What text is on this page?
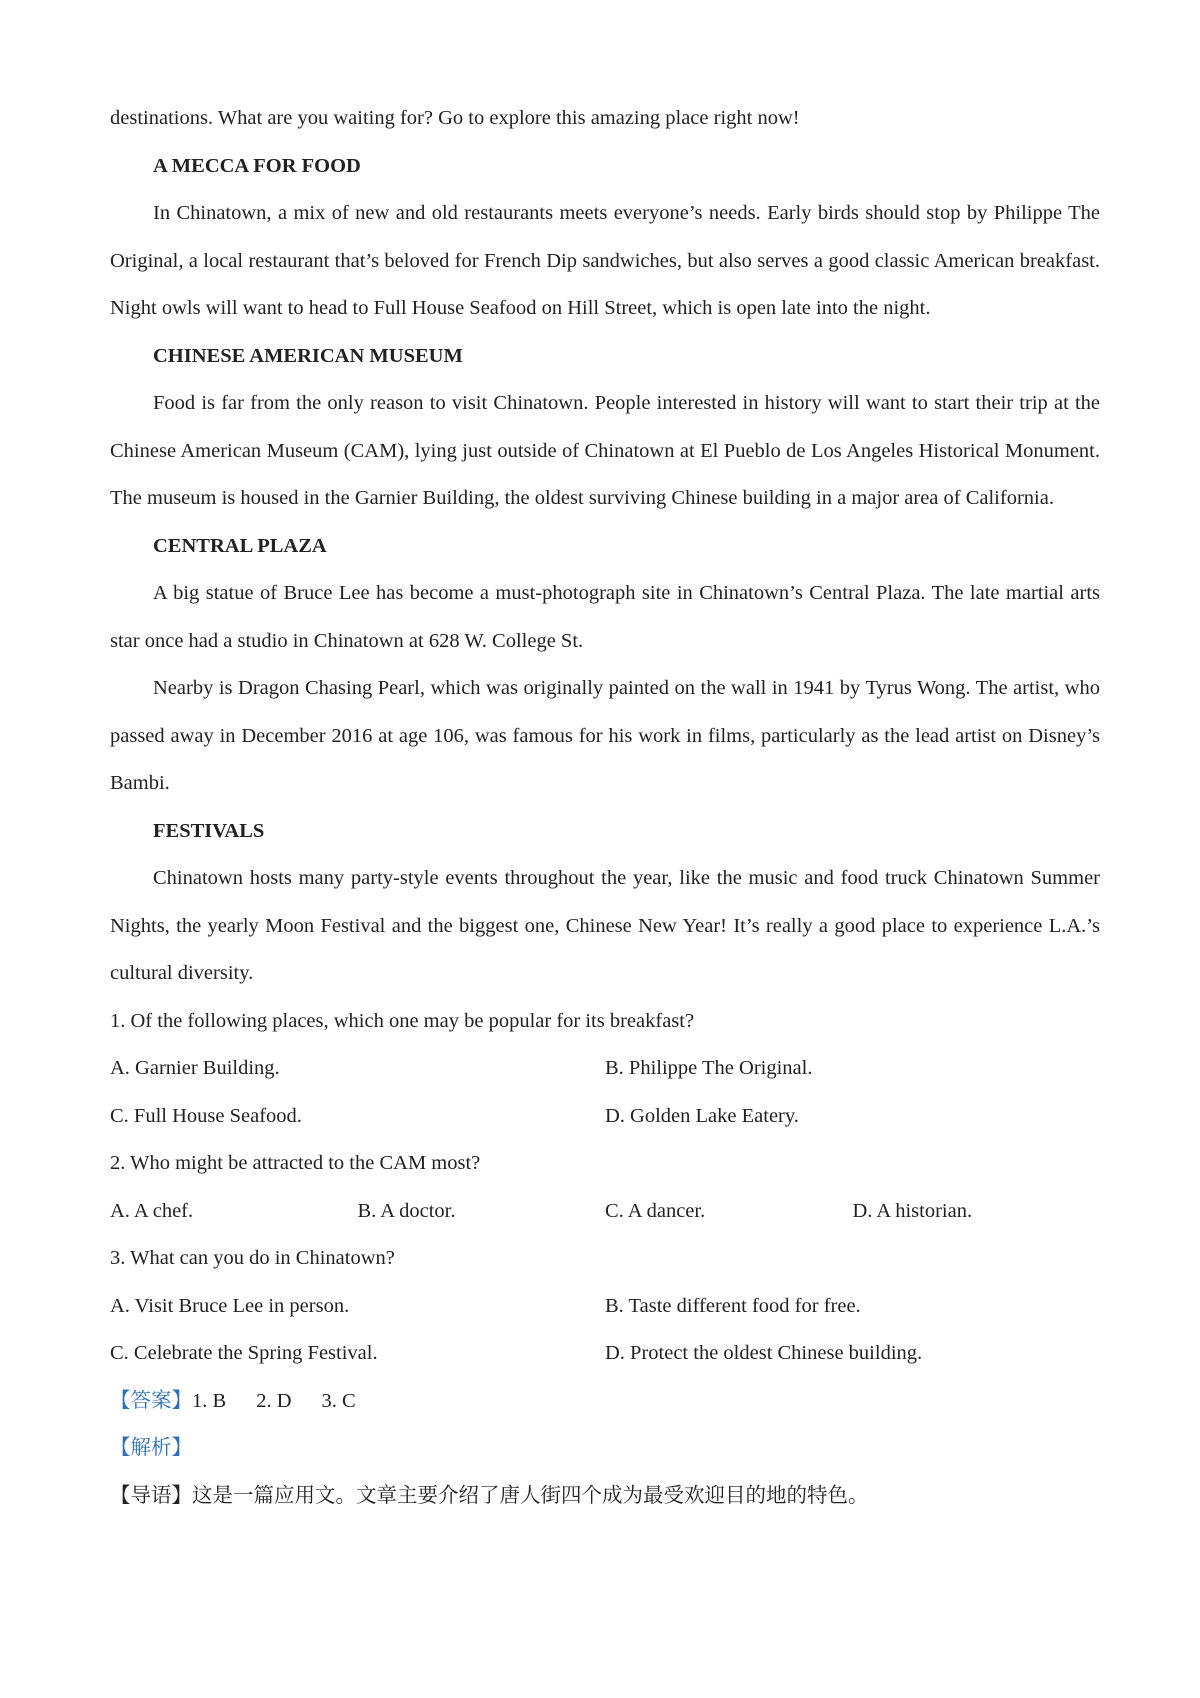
destinations. What are you waiting for? Go to explore this amazing place right now!

A MECCA FOR FOOD

In Chinatown, a mix of new and old restaurants meets everyone’s needs. Early birds should stop by Philippe The Original, a local restaurant that’s beloved for French Dip sandwiches, but also serves a good classic American breakfast. Night owls will want to head to Full House Seafood on Hill Street, which is open late into the night.

CHINESE AMERICAN MUSEUM

Food is far from the only reason to visit Chinatown. People interested in history will want to start their trip at the Chinese American Museum (CAM), lying just outside of Chinatown at El Pueblo de Los Angeles Historical Monument. The museum is housed in the Garnier Building, the oldest surviving Chinese building in a major area of California.

CENTRAL PLAZA

A big statue of Bruce Lee has become a must-photograph site in Chinatown’s Central Plaza. The late martial arts star once had a studio in Chinatown at 628 W. College St.

Nearby is Dragon Chasing Pearl, which was originally painted on the wall in 1941 by Tyrus Wong. The artist, who passed away in December 2016 at age 106, was famous for his work in films, particularly as the lead artist on Disney’s Bambi.

FESTIVALS

Chinatown hosts many party-style events throughout the year, like the music and food truck Chinatown Summer Nights, the yearly Moon Festival and the biggest one, Chinese New Year! It’s really a good place to experience L.A.’s cultural diversity.

1. Of the following places, which one may be popular for its breakfast?

A. Garnier Building.	B. Philippe The Original.
C. Full House Seafood.	D. Golden Lake Eatery.

2. Who might be attracted to the CAM most?

A. A chef.	B. A doctor.	C. A dancer.	D. A historian.

3. What can you do in Chinatown?

A. Visit Bruce Lee in person.	B. Taste different food for free.
C. Celebrate the Spring Festival.	D. Protect the oldest Chinese building.

【答案】1. B 2. D 3. C

【解析】

【导语】这是一篇应用文。文章主要介绍了唐人街四个成为最受欢迎目的地的特色。
